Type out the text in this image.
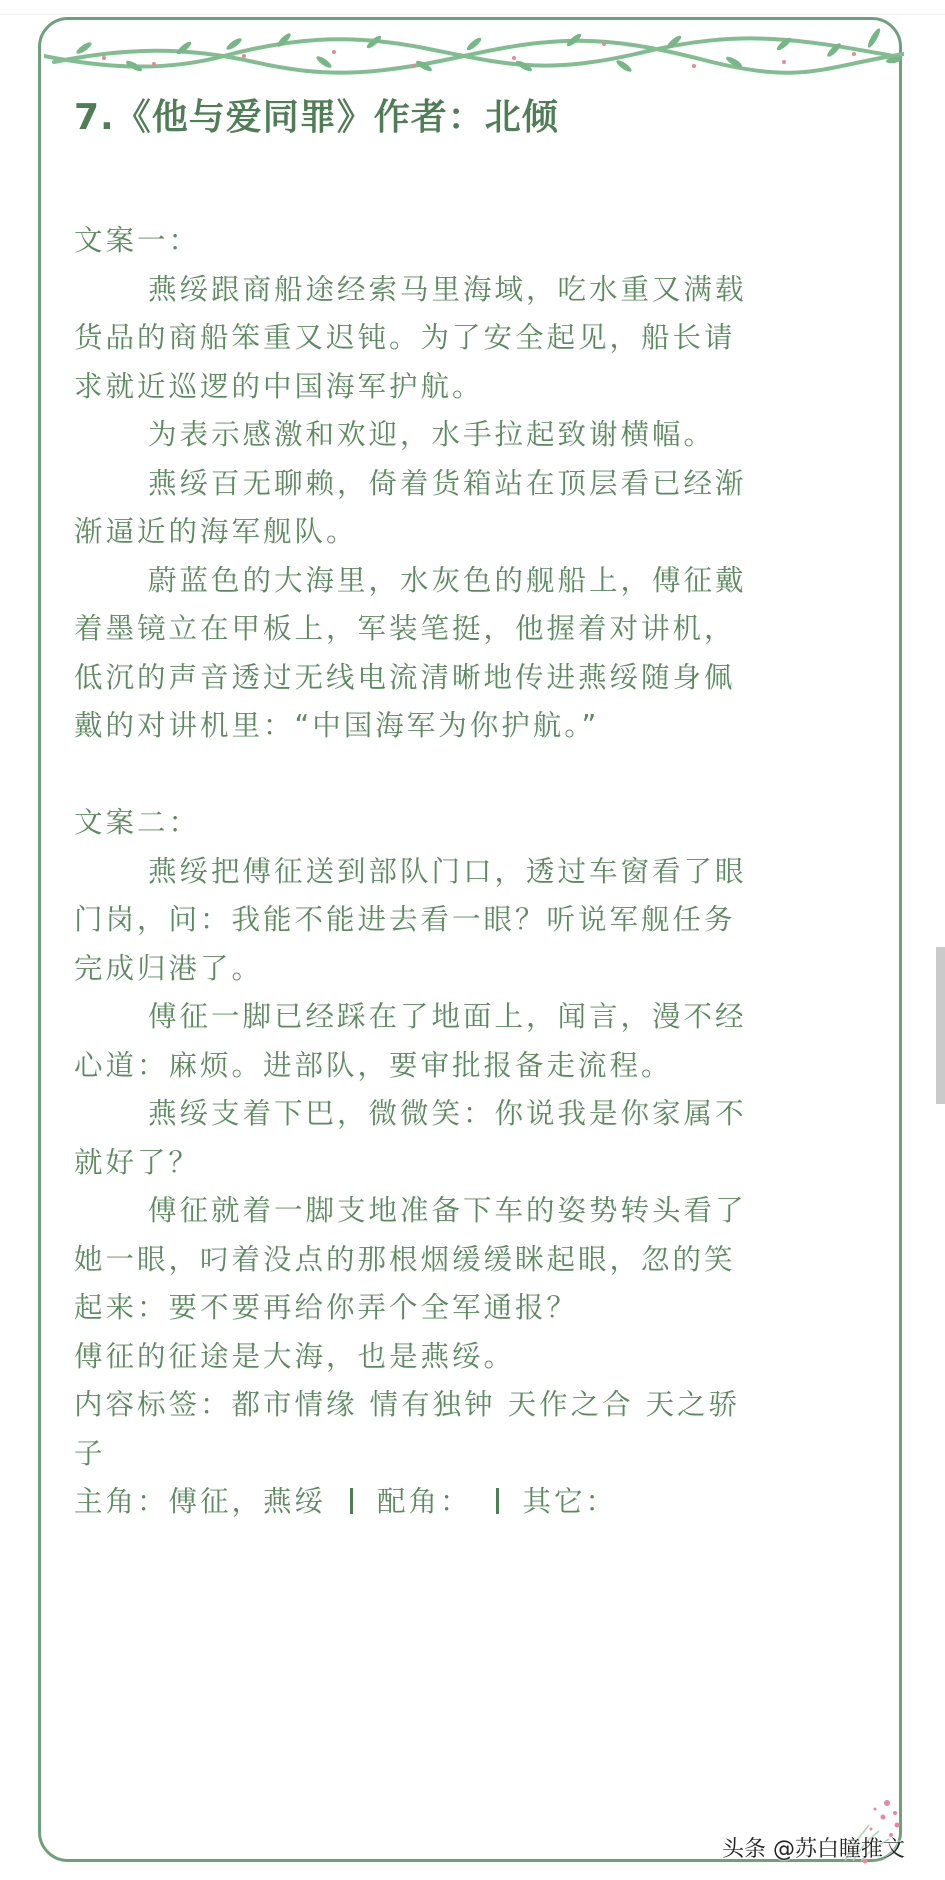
7.《他与爱同罪》作者：北倾
文案一：
燕绥跟商船途经索马里海域，吃水重又满载
货品的商船笨重又迟钝。为了安全起见，船长请
求就近巡逻的中国海军护航。
为表示感激和欢迎，水手拉起致谢横幅。
燕绥百无聊赖，倚着货箱站在顶层看已经渐
渐逼近的海军舰队。
蔚蓝色的大海里，水灰色的舰船上，傅征戴
着墨镜立在甲板上，军装笔挺，他握着对讲机，
低沉的声音透过无线电流清晰地传进燕绥随身佩
戴的对讲机里：“中国海军为你护航。”
文案二：
燕绥把傅征送到部队门口，透过车窗看了眼
门岗，问：我能不能进去看一眼？听说军舰任务
完成归港了。
傅征一脚已经踩在了地面上，闻言，漫不经
心道：麻烦。进部队，要审批报备走流程。
燕绥支着下巴，微微笑：你说我是你家属不
就好了？
傅征就着一脚支地准备下车的姿势转头看了
她一眼，叼着没点的那根烟缓缓眯起眼，忽的笑
起来：要不要再给你弄个全军通报？
傅征的征途是大海，也是燕绥。
内容标签：都市情缘 情有独钟 天作之合 天之骄
子
主角：傅征，燕绥 配角： 其它：
头条 @苏白瞳推文
